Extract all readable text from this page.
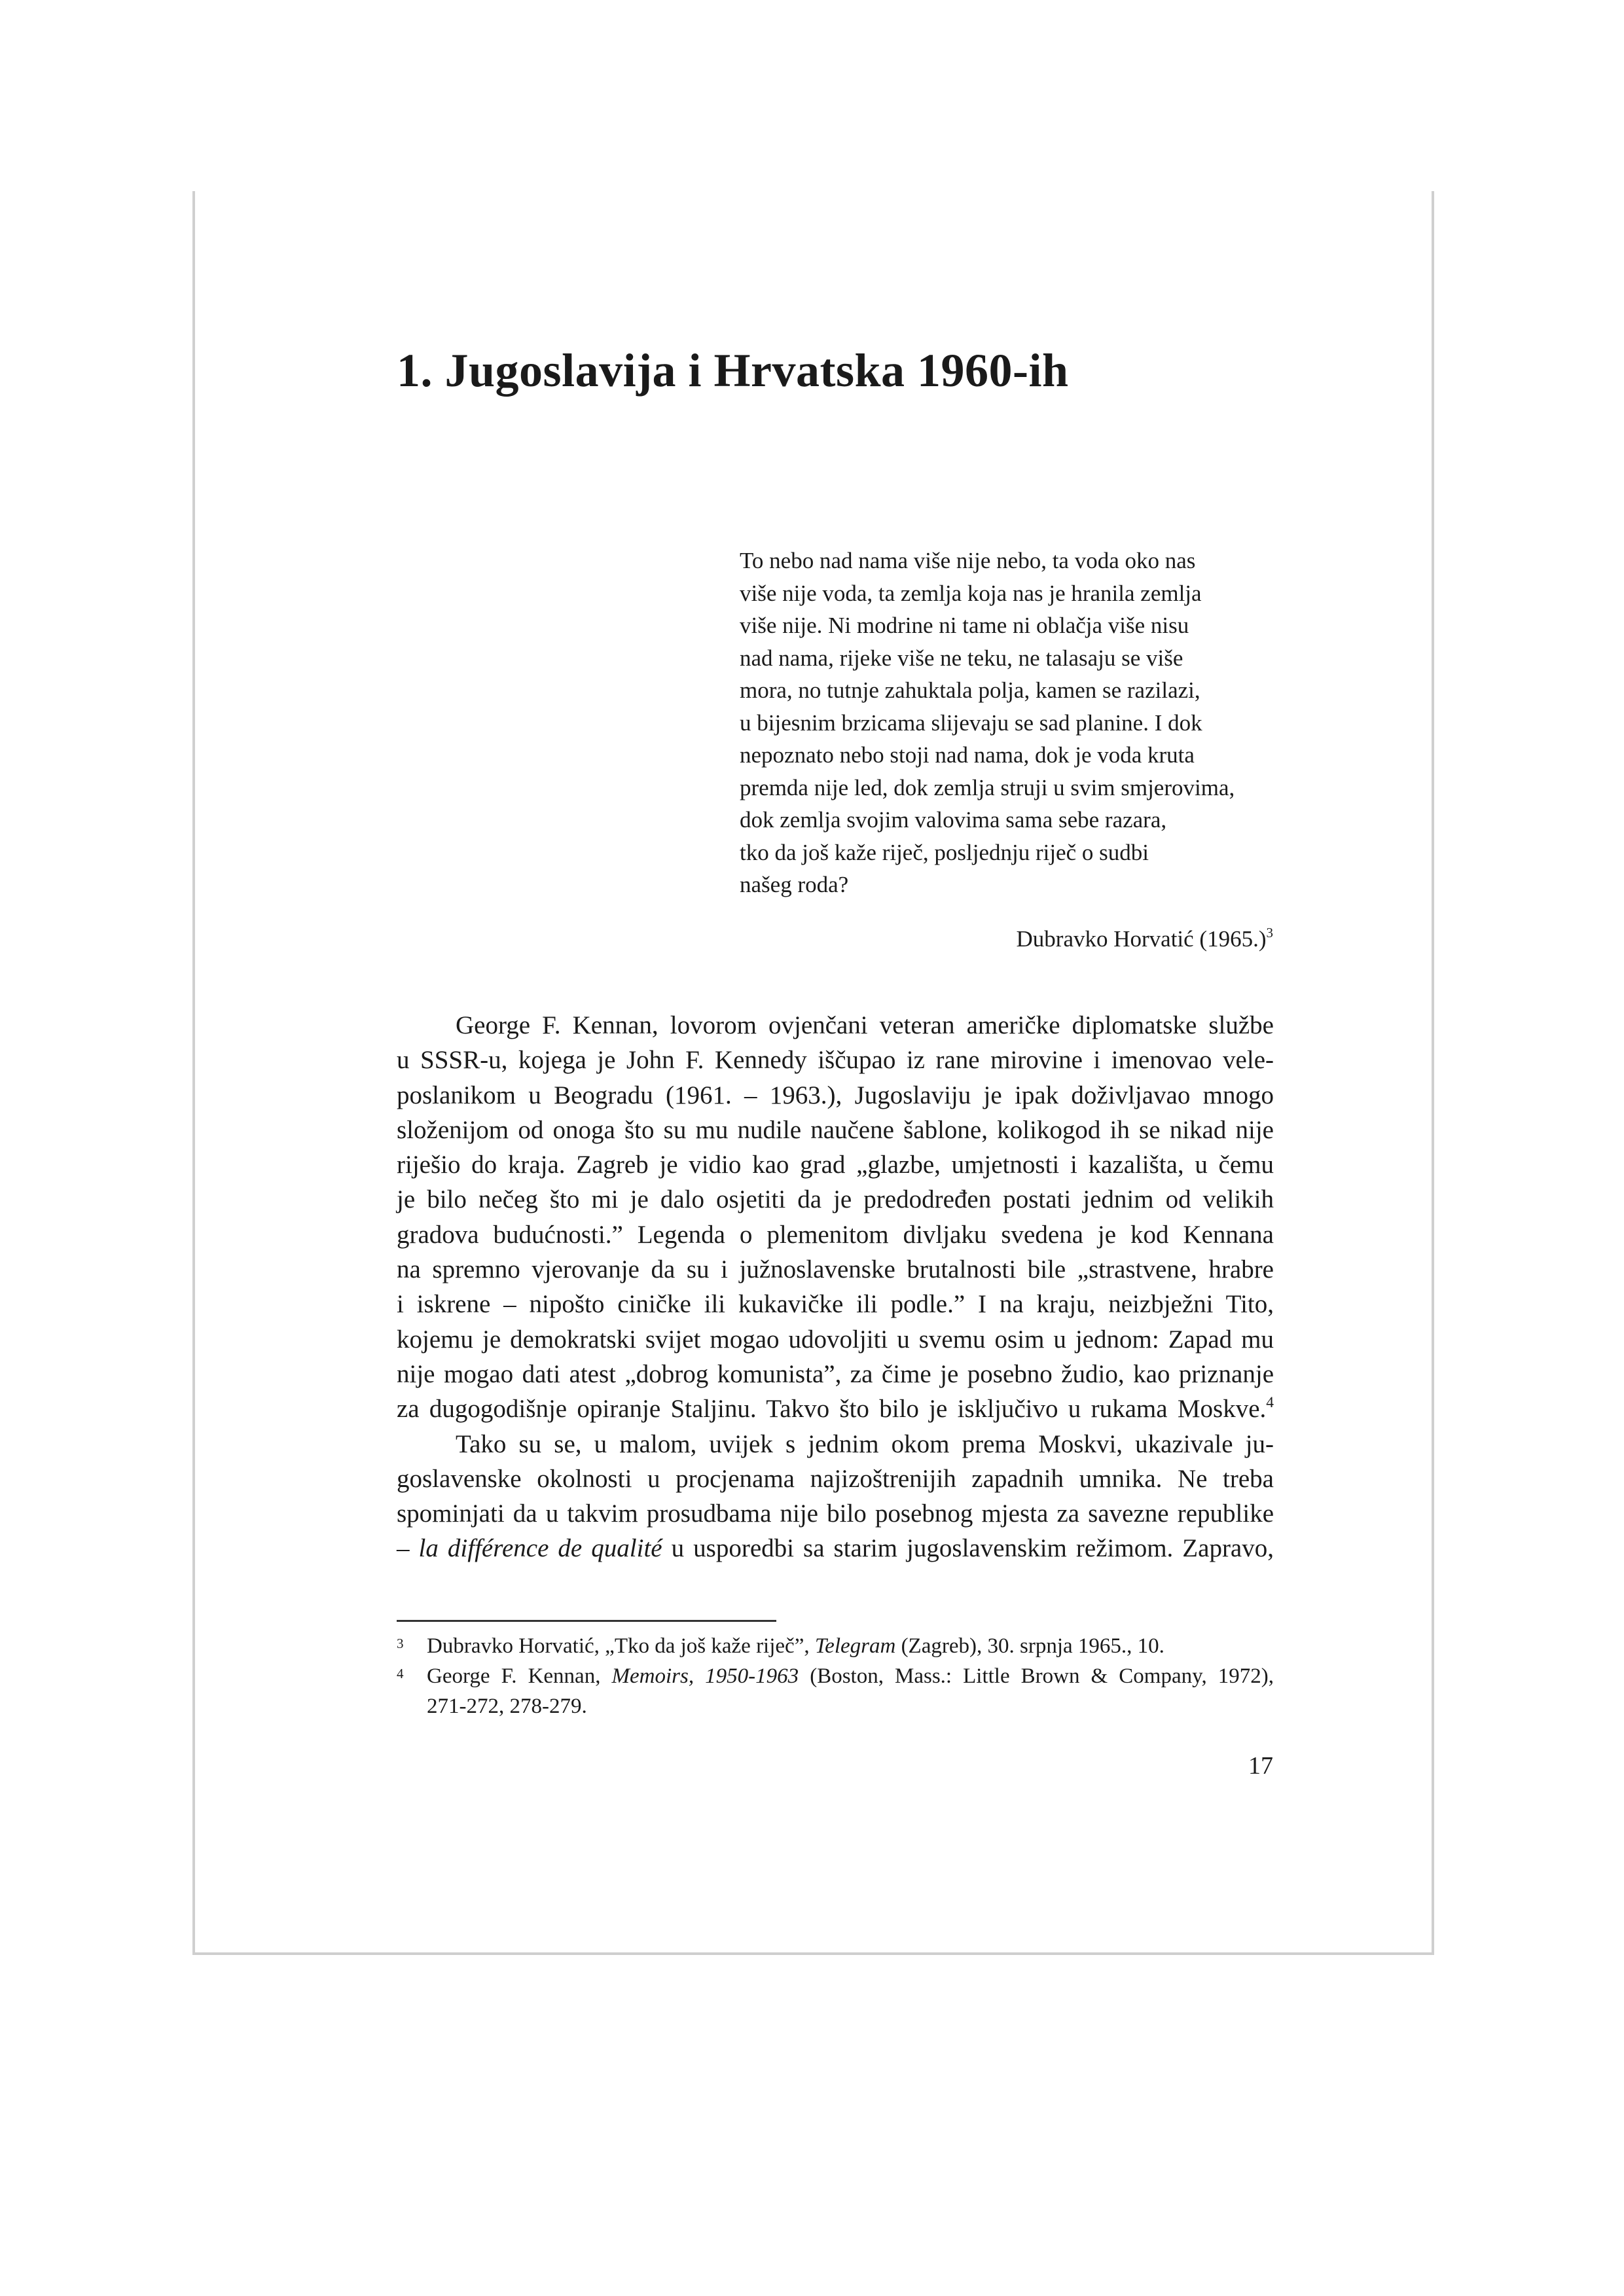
1. Jugoslavija i Hrvatska 1960-ih
To nebo nad nama više nije nebo, ta voda oko nas
više nije voda, ta zemlja koja nas je hranila zemlja
više nije. Ni modrine ni tame ni oblačja više nisu
nad nama, rijeke više ne teku, ne talasaju se više
mora, no tutnje zahuktala polja, kamen se razilazi,
u bijesnim brzicama slijevaju se sad planine. I dok
nepoznato nebo stoji nad nama, dok je voda kruta
premda nije led, dok zemlja struji u svim smjerovima,
dok zemlja svojim valovima sama sebe razara,
tko da još kaže riječ, posljednju riječ o sudbi
našeg roda?
Dubravko Horvatić $(1965.)^3$
George F. Kennan, lovorom ovjenčani veteran američke diplomatske službe
u SSSR-u, kojega je John F. Kennedy iščupao iz rane mirovine i imenovao vele-
poslanikom u Beogradu (1961. – 1963.), Jugoslaviju je ipak doživljavao mnogo
složenijom od onoga što su mu nudile naučene šablone, kolikogod ih se nikad nije
riješio do kraja. Zagreb je vidio kao grad „glazbe, umjetnosti i kazališta, u čemu
je bilo nečeg što mi je dalo osjetiti da je predodređen postati jednim od velikih
gradova budućnosti.” Legenda o plemenitom divljaku svedena je kod Kennana
na spremno vjerovanje da su i južnoslavenske brutalnosti bile „strastvene, hrabre
i iskrene – nipošto ciničke ili kukavičke ili podle.” I na kraju, neizbježni Tito,
kojemu je demokratski svijet mogao udovoljiti u svemu osim u jednom: Zapad mu
nije mogao dati atest „dobrog komunista”, za čime je posebno žudio, kao priznanje
za dugogodišnje opiranje Staljinu. Takvo što bilo je isključivo u rukama Moskve.$^4$
Tako su se, u malom, uvijek s jednim okom prema Moskvi, ukazivale ju-
goslavenske okolnosti u procjenama najizoštrenijih zapadnih umnika. Ne treba
spominjati da u takvim prosudbama nije bilo posebnog mjesta za savezne republike
– la différence de qualité u usporedbi sa starim jugoslavenskim režimom. Zapravo,
3 Dubravko Horvatić, „Tko da još kaže riječ”, Telegram (Zagreb), 30. srpnja 1965., 10.
4 George F. Kennan, Memoirs, 1950-1963 (Boston, Mass.: Little Brown & Company, 1972),
271-272, 278-279.
17
